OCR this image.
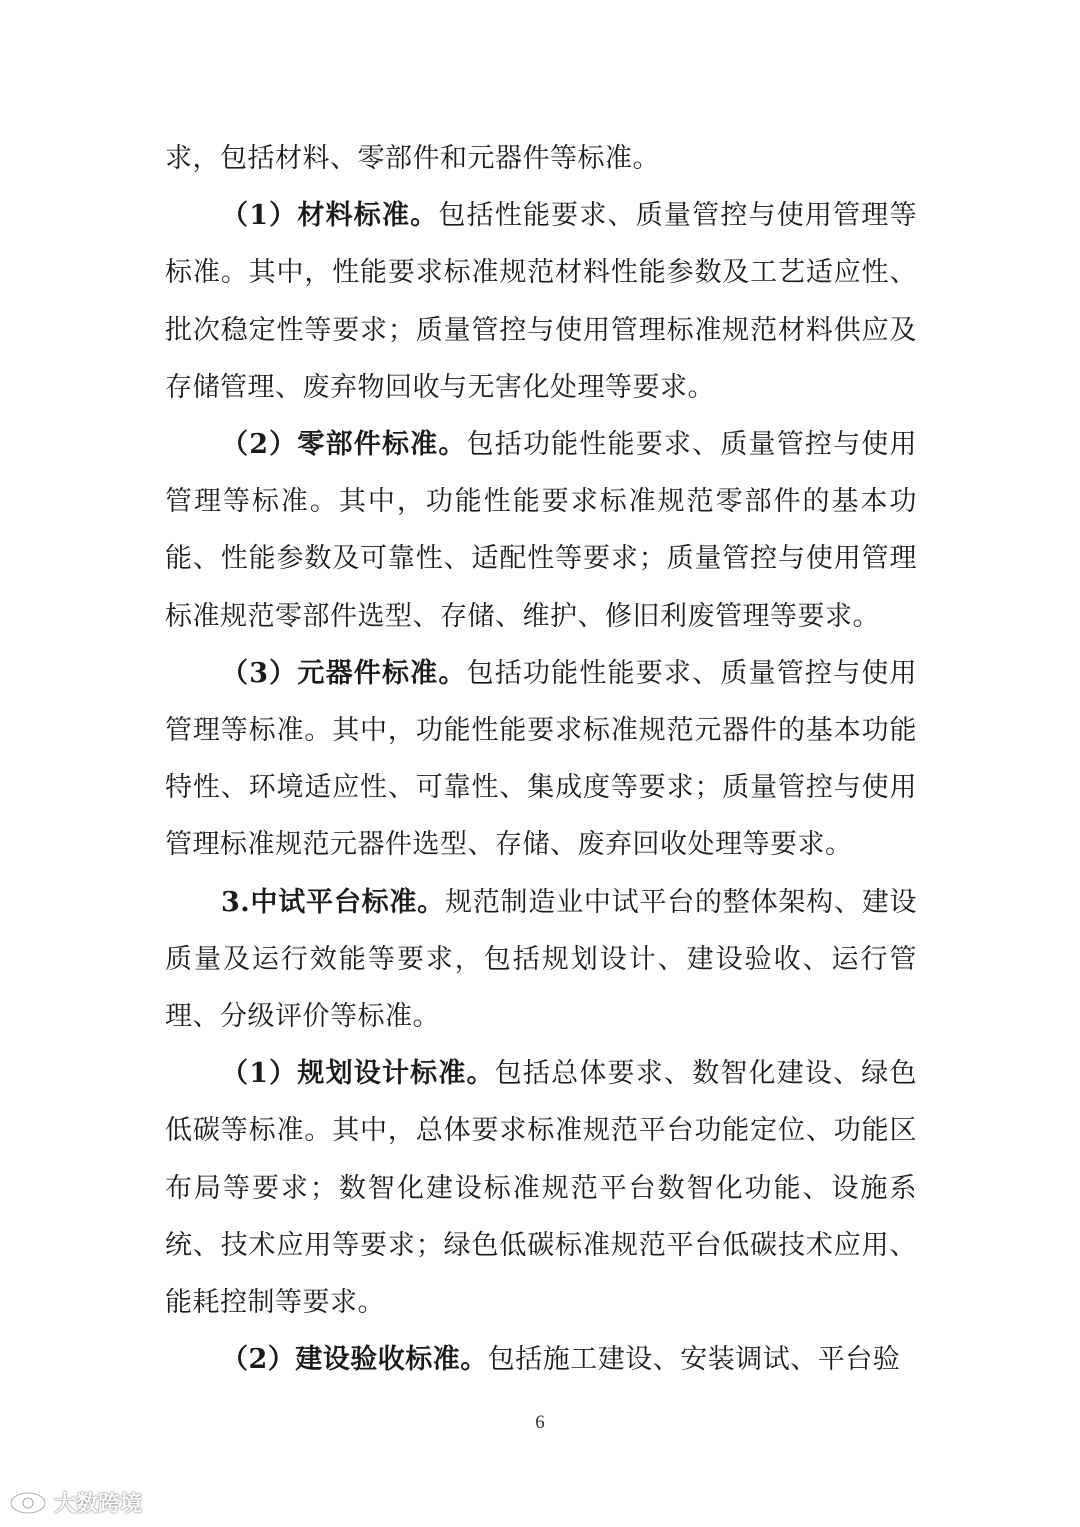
求，包括材料、零部件和元器件等标准。

（1）材料标准。包括性能要求、质量管控与使用管理等标准。其中，性能要求标准规范材料性能参数及工艺适应性、批次稳定性等要求；质量管控与使用管理标准规范材料供应及存储管理、废弃物回收与无害化处理等要求。

（2）零部件标准。包括功能性能要求、质量管控与使用管理等标准。其中，功能性能要求标准规范零部件的基本功能、性能参数及可靠性、适配性等要求；质量管控与使用管理标准规范零部件选型、存储、维护、修旧利废管理等要求。

（3）元器件标准。包括功能性能要求、质量管控与使用管理等标准。其中，功能性能要求标准规范元器件的基本功能特性、环境适应性、可靠性、集成度等要求；质量管控与使用管理标准规范元器件选型、存储、废弃回收处理等要求。

3.中试平台标准。规范制造业中试平台的整体架构、建设质量及运行效能等要求，包括规划设计、建设验收、运行管理、分级评价等标准。

（1）规划设计标准。包括总体要求、数智化建设、绿色低碳等标准。其中，总体要求标准规范平台功能定位、功能区布局等要求；数智化建设标准规范平台数智化功能、设施系统、技术应用等要求；绿色低碳标准规范平台低碳技术应用、能耗控制等要求。

（2）建设验收标准。包括施工建设、安装调试、平台验

6
大数跨境
